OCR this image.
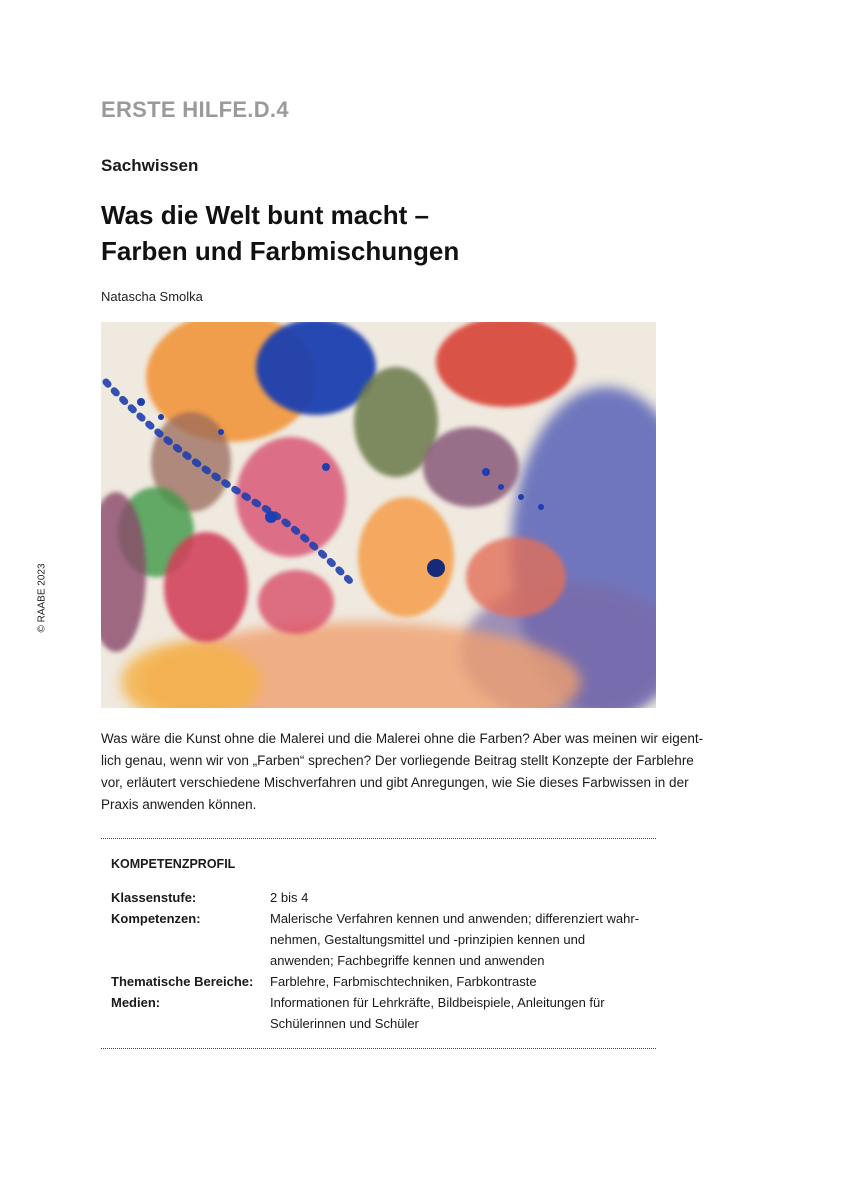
ERSTE HILFE.D.4
Sachwissen
Was die Welt bunt macht –
Farben und Farbmischungen
Natascha Smolka
© RAABE 2023
Was wäre die Kunst ohne die Malerei und die Malerei ohne die Farben? Aber was meinen wir eigent-
lich genau, wenn wir von „Farben“ sprechen? Der vorliegende Beitrag stellt Konzepte der Farblehre
vor, erläutert verschiedene Mischverfahren und gibt Anregungen, wie Sie dieses Farbwissen in der
Praxis anwenden können.
KOMPETENZPROFIL
Klassenstufe:	2 bis 4
Kompetenzen:	Malerische Verfahren kennen und anwenden; differenziert wahr-
nehmen, Gestaltungsmittel und -prinzipien kennen und
anwenden; Fachbegriffe kennen und anwenden
Thematische Bereiche: Farblehre, Farbmischtechniken, Farbkontraste
Medien:	Informationen für Lehrkräfte, Bildbeispiele, Anleitungen für
Schülerinnen und Schüler
